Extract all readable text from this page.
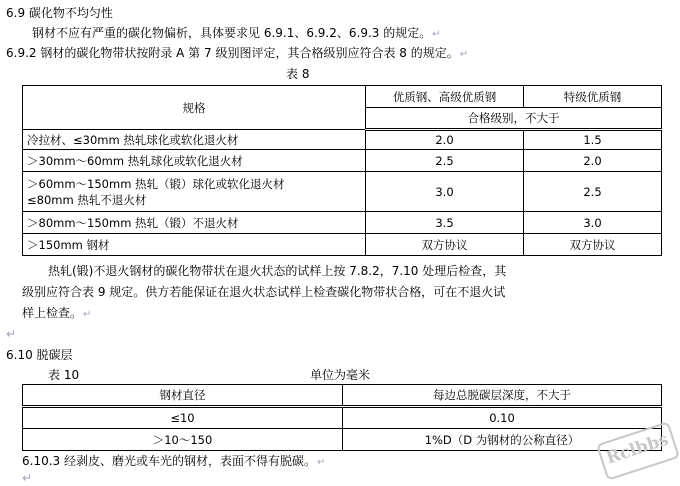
6.9 碳化物不均匀性
钢材不应有严重的碳化物偏析，具体要求见 6.9.1、6.9.2、6.9.3 的规定。↵
6.9.2 钢材的碳化物带状按附录 A 第 7 级别图评定，其合格级别应符合表 8 的规定。↵
表 8
规格	优质钢、高级优质钢	特级优质钢
	合格级别，不大于	
冷拉材、≤30mm 热轧球化或软化退火材	2.0	1.5
＞30mm～60mm 热轧球化或软化退火材	2.5	2.0

＞60mm～150mm 热轧（锻）球化或软化退火材
≤80mm 热轧不退火材	3.0	2.5
＞80mm～150mm 热轧（锻）不退火材	3.5	3.0
＞150mm 钢材	双方协议	双方协议
热轧(锻)不退火钢材的碳化物带状在退火状态的试样上按 7.8.2，7.10 处理后检查，其
级别应符合表 9 规定。供方若能保证在退火状态试样上检查碳化物带状合格，可在不退火试
样上检查。↵
↵
6.10 脱碳层
表 10	单位为毫米
钢材直径	每边总脱碳层深度，不大于
≤10	0.10
＞10～150	1%D（D 为钢材的公称直径）
6.10.3 经剥皮、磨光或车光的钢材，表面不得有脱碳。↵
↵
Rclbbs
